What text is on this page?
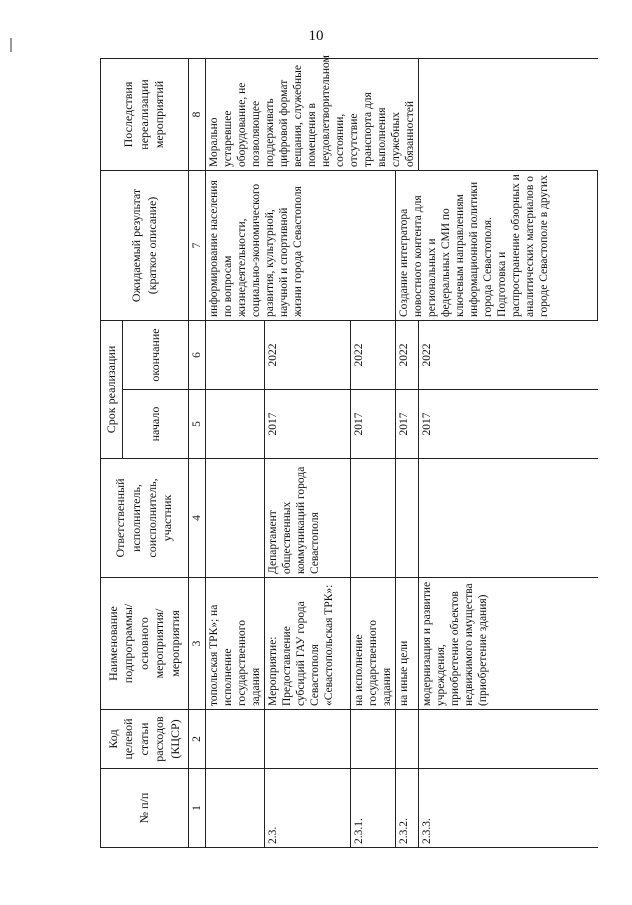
10
№ п/п	Код целевой статьи расходов (КЦСР)	Наименование подпрограммы/основного мероприятия/мероприятия	Ответственный исполнитель, соисполнитель, участник	Срок реализации		Ожидаемый результат (краткое описание)	Последствия нереализации мероприятий
				начало	окончание		
1	2	3	4	5	6	7	8
		топольская ТРК»; на исполнение государственного задания				информирование населения по вопросам жизнедеятельности, социально-экономического развития, культурной, научной и спортивной жизни города Севастополя	Морально устаревшее оборудование, не позволяющее поддерживать цифровой формат вещания, служебные помещения в неудовлетворительном состоянии, отсутствие транспорта для выполнения служебных обязанностей
2.3.		Мероприятие: Предоставление субсидий ГАУ города Севастополя «Севастопольская ТРК»:	Департамент общественных коммуникаций города Севастополя	2017	2022		
2.3.1.		на исполнение государственного задания		2017	2022		
2.3.2.		на иные цели		2017	2022	Создание интегратора новостного контента для региональных и федеральных СМИ по ключевым направлениям информационной политики города Севастополя. Подготовка и распространение обзорных и аналитических материалов о городе Севастополе в других	
2.3.3.		модернизация и развитие учреждения, приобретение объектов недвижимого имущества (приобретение здания)		2017	2022		
